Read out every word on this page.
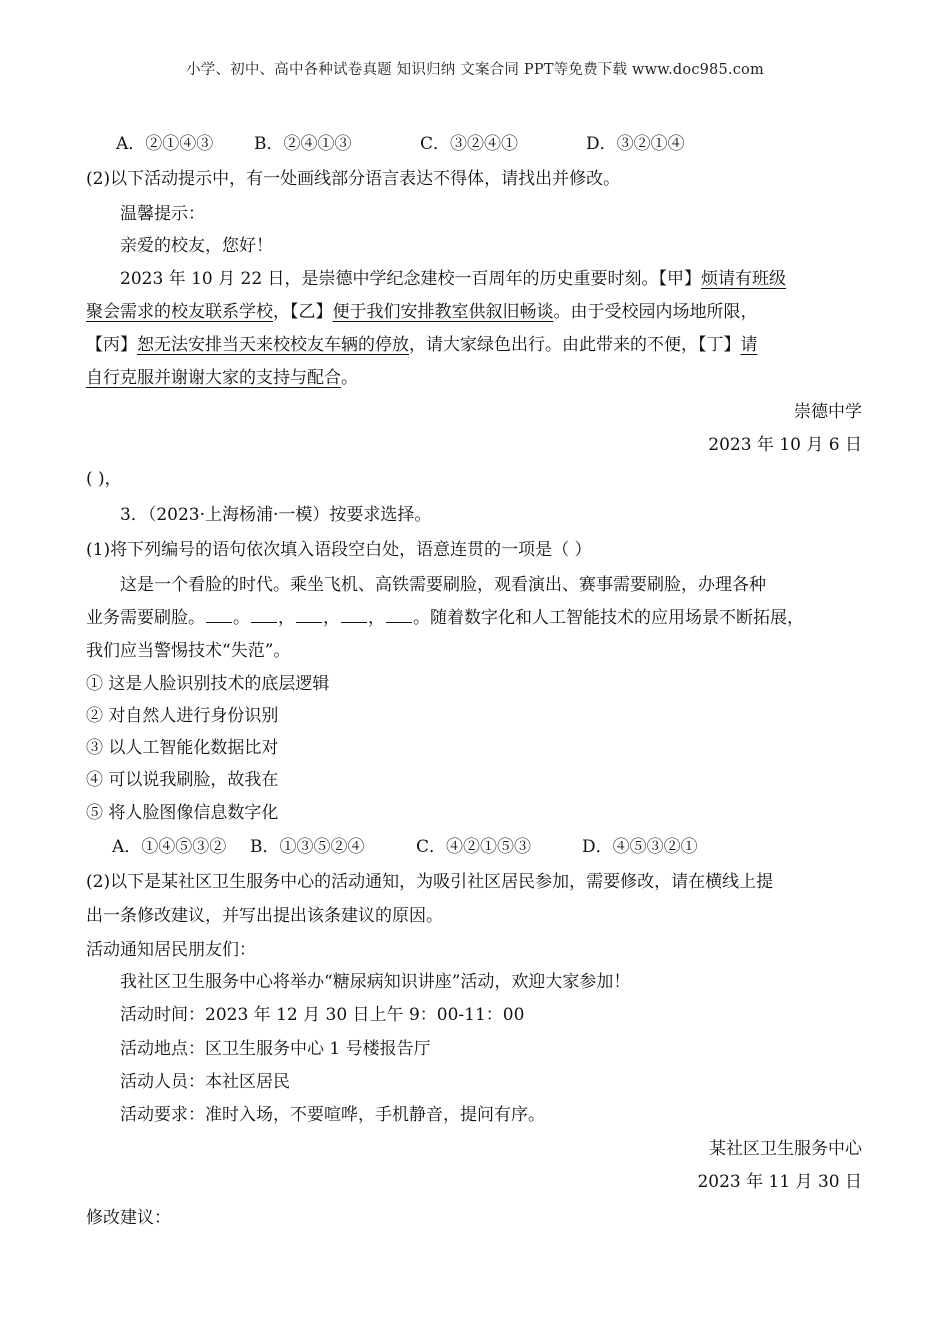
小学、初中、高中各种试卷真题 知识归纳 文案合同 PPT等免费下载 www.doc985.com
A．②①④③ B．②④①③	C．③②④①	D．③②①④
(2)以下活动提示中，有一处画线部分语言表达不得体，请找出并修改。
温馨提示：
亲爱的校友，您好！
2023 年 10 月 22 日，是崇德中学纪念建校一百周年的历史重要时刻。【甲】烦请有班级
聚会需求的校友联系学校，【乙】便于我们安排教室供叙旧畅谈。由于受校园内场地所限，
【丙】恕无法安排当天来校校友车辆的停放，请大家绿色出行。由此带来的不便，【丁】请
自行克服并谢谢大家的支持与配合。
崇德中学
2023 年 10 月 6 日
( )，
3．（2023·上海杨浦·一模）按要求选择。
(1)将下列编号的语句依次填入语段空白处，语意连贯的一项是（ ）
这是一个看脸的时代。乘坐飞机、高铁需要刷脸，观看演出、赛事需要刷脸，办理各种
业务需要刷脸。 。 ， ， ， 。随着数字化和人工智能技术的应用场景不断拓展，
我们应当警惕技术“失范”。
① 这是人脸识别技术的底层逻辑
② 对自然人进行身份识别
③ 以人工智能化数据比对
④ 可以说我刷脸，故我在
⑤ 将人脸图像信息数字化
A．①④⑤③② B．①③⑤②④	C．④②①⑤③	D．④⑤③②①
(2)以下是某社区卫生服务中心的活动通知，为吸引社区居民参加，需要修改，请在横线上提
出一条修改建议，并写出提出该条建议的原因。
活动通知居民朋友们：
我社区卫生服务中心将举办“糖尿病知识讲座”活动，欢迎大家参加！
活动时间：2023 年 12 月 30 日上午 9：00-11：00
活动地点：区卫生服务中心 1 号楼报告厅
活动人员：本社区居民
活动要求：准时入场，不要喧哗，手机静音，提问有序。
某社区卫生服务中心
2023 年 11 月 30 日
修改建议：
